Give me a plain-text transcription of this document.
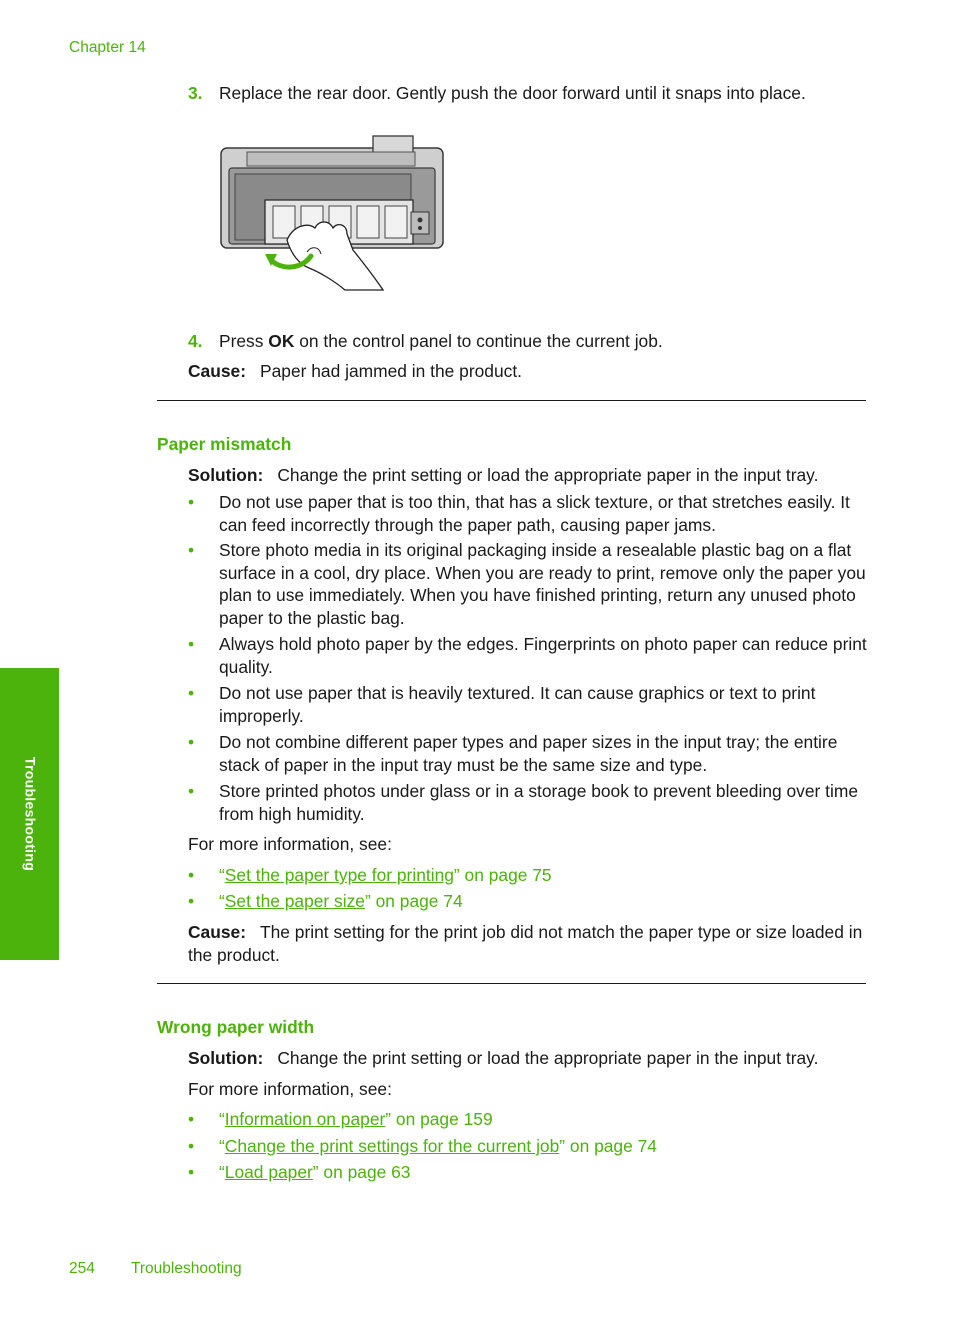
Chapter 14
3. Replace the rear door. Gently push the door forward until it snaps into place.
4. Press OK on the control panel to continue the current job.
Cause: Paper had jammed in the product.
Paper mismatch
Solution: Change the print setting or load the appropriate paper in the input tray.
• Do not use paper that is too thin, that has a slick texture, or that stretches easily. It can feed incorrectly through the paper path, causing paper jams.
• Store photo media in its original packaging inside a resealable plastic bag on a flat surface in a cool, dry place. When you are ready to print, remove only the paper you plan to use immediately. When you have finished printing, return any unused photo paper to the plastic bag.
• Always hold photo paper by the edges. Fingerprints on photo paper can reduce print quality.
• Do not use paper that is heavily textured. It can cause graphics or text to print improperly.
• Do not combine different paper types and paper sizes in the input tray; the entire stack of paper in the input tray must be the same size and type.
• Store printed photos under glass or in a storage book to prevent bleeding over time from high humidity.
For more information, see:
• “Set the paper type for printing” on page 75
• “Set the paper size” on page 74
Cause: The print setting for the print job did not match the paper type or size loaded in the product.
Wrong paper width
Solution: Change the print setting or load the appropriate paper in the input tray.
For more information, see:
• “Information on paper” on page 159
• “Change the print settings for the current job” on page 74
• “Load paper” on page 63
Troubleshooting
254 Troubleshooting
